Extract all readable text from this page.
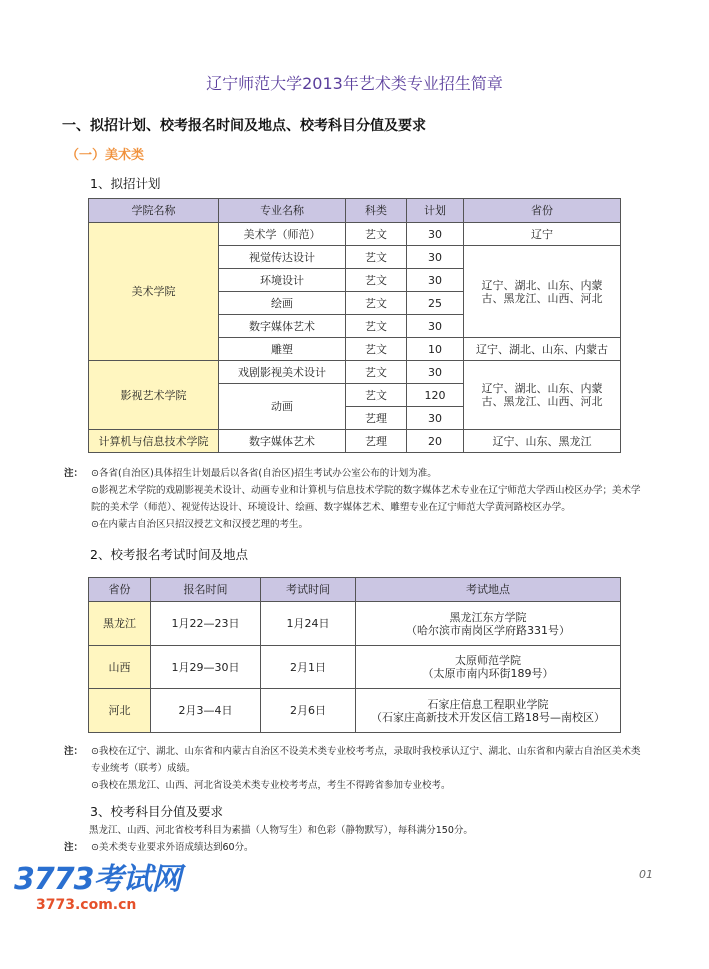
辽宁师范大学2013年艺术类专业招生简章
一、拟招计划、校考报名时间及地点、校考科目分值及要求
（一）美术类
1、拟招计划
学院名称	专业名称	科类	计划	省份
美术学院	美术学（师范）	艺文	30	辽宁
	视觉传达设计	艺文	30	辽宁、湖北、山东、内蒙古、黑龙江、山西、河北
	环境设计	艺文	30	
	绘画	艺文	25	
	数字媒体艺术	艺文	30	
	雕塑	艺文	10	辽宁、湖北、山东、内蒙古
影视艺术学院	戏剧影视美术设计	艺文	30	辽宁、湖北、山东、内蒙古、黑龙江、山西、河北
	动画	艺文	120	
		艺理	30	
计算机与信息技术学院	数字媒体艺术	艺理	20	辽宁、山东、黑龙江
注： ⊙各省(自治区)具体招生计划最后以各省(自治区)招生考试办公室公布的计划为准。
⊙影视艺术学院的戏剧影视美术设计、动画专业和计算机与信息技术学院的数字媒体艺术专业在辽宁师范大学西山校区办学；美术学院的美术学（师范）、视觉传达设计、环境设计、绘画、数字媒体艺术、雕塑专业在辽宁师范大学黄河路校区办学。
⊙在内蒙古自治区只招汉授艺文和汉授艺理的考生。
2、校考报名考试时间及地点
省份	报名时间	考试时间	考试地点
黑龙江	1月22—23日	1月24日	黑龙江东方学院
（哈尔滨市南岗区学府路331号）

山西	1月29—30日	2月1日	太原师范学院
（太原市南内环街189号）

河北	2月3—4日	2月6日	石家庄信息工程职业学院
（石家庄高新技术开发区信工路18号—南校区）
注： ⊙我校在辽宁、湖北、山东省和内蒙古自治区不设美术类专业校考考点，录取时我校承认辽宁、湖北、山东省和内蒙古自治区美术类专业统考（联考）成绩。
⊙我校在黑龙江、山西、河北省设美术类专业校考考点，考生不得跨省参加专业校考。
3、校考科目分值及要求
黑龙江、山西、河北省校考科目为素描（人物写生）和色彩（静物默写），每科满分150分。
注： ⊙美术类专业要求外语成绩达到60分。
01
3773考试网
3773.com.cn
